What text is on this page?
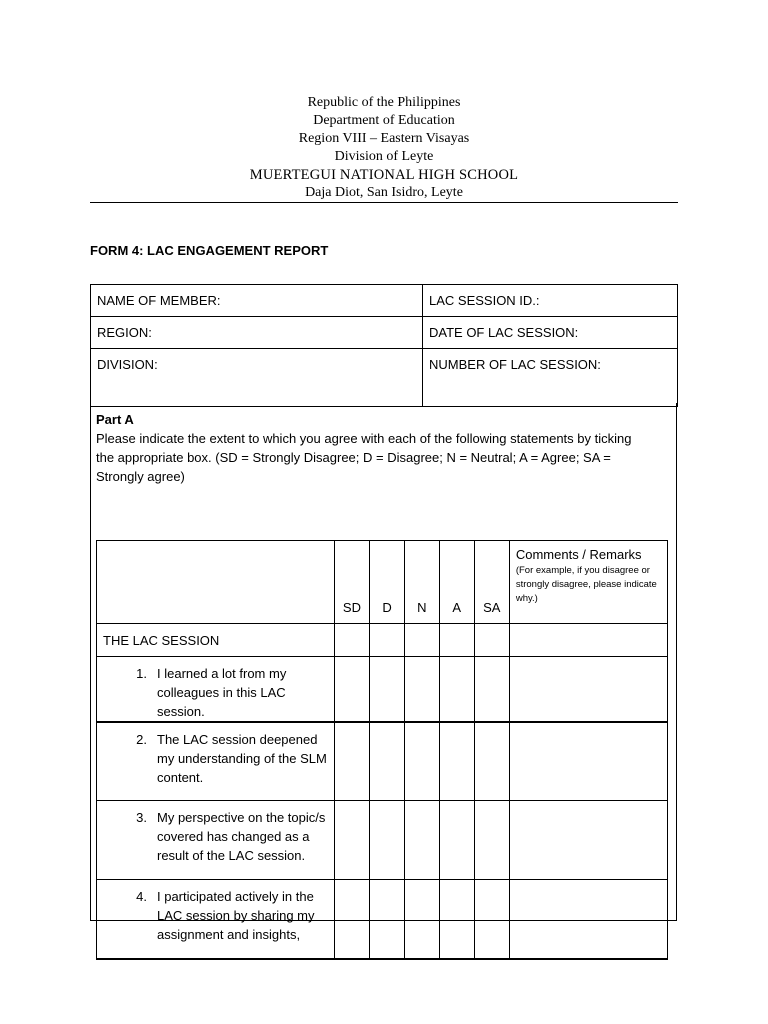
Republic of the Philippines
Department of Education
Region VIII – Eastern Visayas
Division of Leyte
MUERTEGUI NATIONAL HIGH SCHOOL
Daja Diot, San Isidro, Leyte
FORM 4: LAC ENGAGEMENT REPORT
NAME OF MEMBER:	LAC SESSION ID.:
REGION:	DATE OF LAC SESSION:
DIVISION:	NUMBER OF LAC SESSION:
Part A
Please indicate the extent to which you agree with each of the following statements by ticking
the appropriate box. (SD = Strongly Disagree; D = Disagree; N = Neutral; A = Agree; SA = Strongly agree)
	SD	D	N	A	SA	Comments / Remarks
(For example, if you disagree or strongly disagree, please indicate why.)

THE LAC SESSION						

1. I learned a lot from my colleagues in this LAC session.						

2. The LAC session deepened my understanding of the SLM content.						

3. My perspective on the topic/s covered has changed as a result of the LAC session.						

4. I participated actively in the LAC session by sharing my assignment and insights,						
